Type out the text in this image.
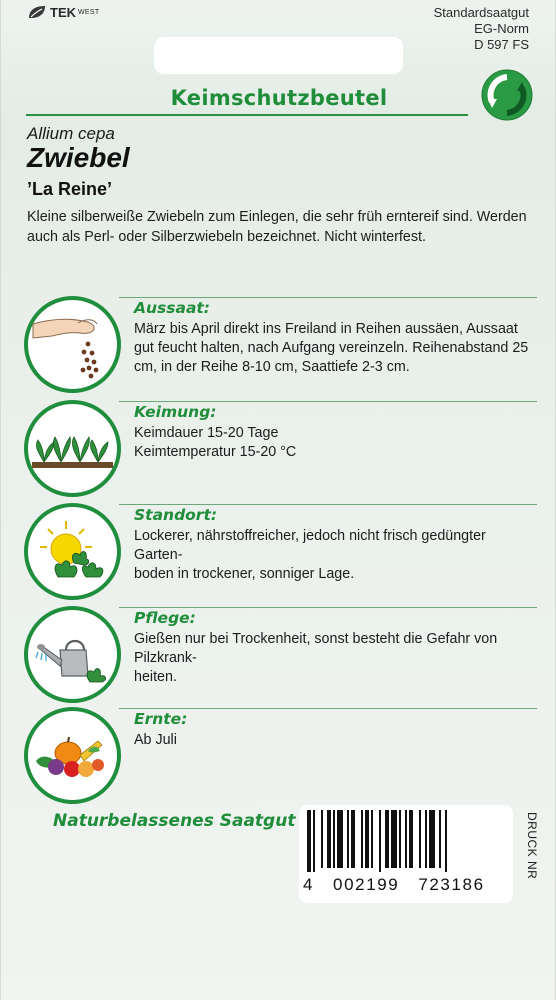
TEK WEST	Standardsaatgut
EG-Norm
D 597 FS
Keimschutzbeutel
Allium cepa
Zwiebel
’La Reine’
Kleine silberweiße Zwiebeln zum Einlegen, die sehr früh erntereif sind. Werden auch als Perl- oder Silberzwiebeln bezeichnet. Nicht winterfest.
Aussaat:
März bis April direkt ins Freiland in Reihen aussäen, Aussaat gut feucht halten, nach Aufgang vereinzeln. Reihenabstand 25 cm, in der Reihe 8-10 cm, Saattiefe 2-3 cm.
Keimung:
Keimdauer 15-20 Tage
Keimtemperatur 15-20 °C
Standort:
Lockerer, nährstoffreicher, jedoch nicht frisch gedüngter Garten-
boden in trockener, sonniger Lage.
Pflege:
Gießen nur bei Trockenheit, sonst besteht die Gefahr von Pilzkrank-
heiten.
Ernte:
Ab Juli
Naturbelassenes Saatgut
4   002199   723186
DRUCK NR
